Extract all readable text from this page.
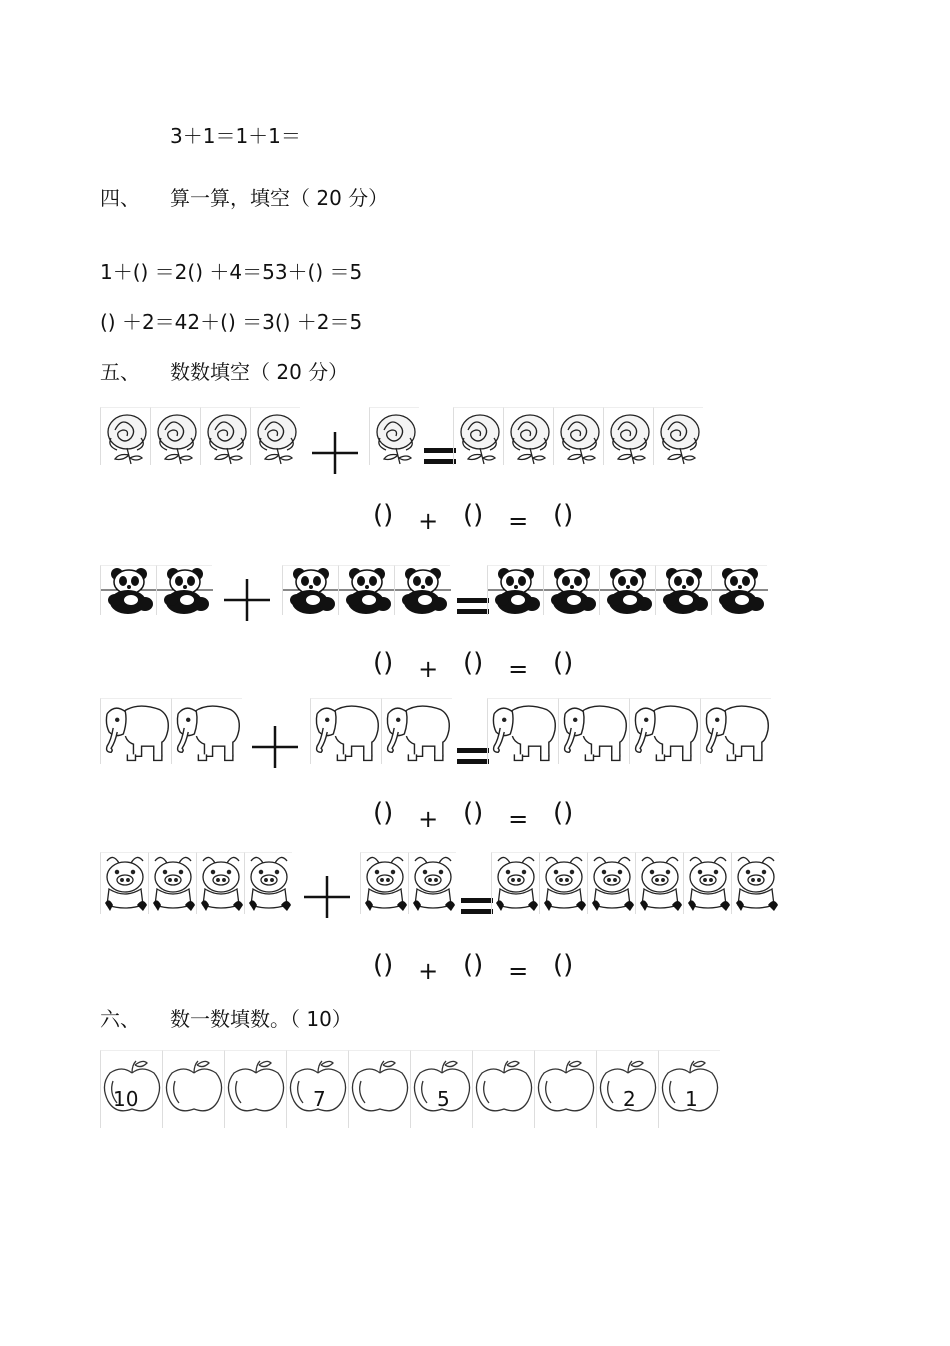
3＋1＝1＋1＝
四、 算一算，填空（ 20 分）
1＋() ＝2() ＋4＝53＋() ＝5
() ＋2＝42＋() ＝3() ＋2＝5
五、 数数填空（ 20 分）
() + () = ()
() + () = ()
() + () = ()
() + () = ()
六、 数一数填数。（ 10）
10	7	5	2 1
